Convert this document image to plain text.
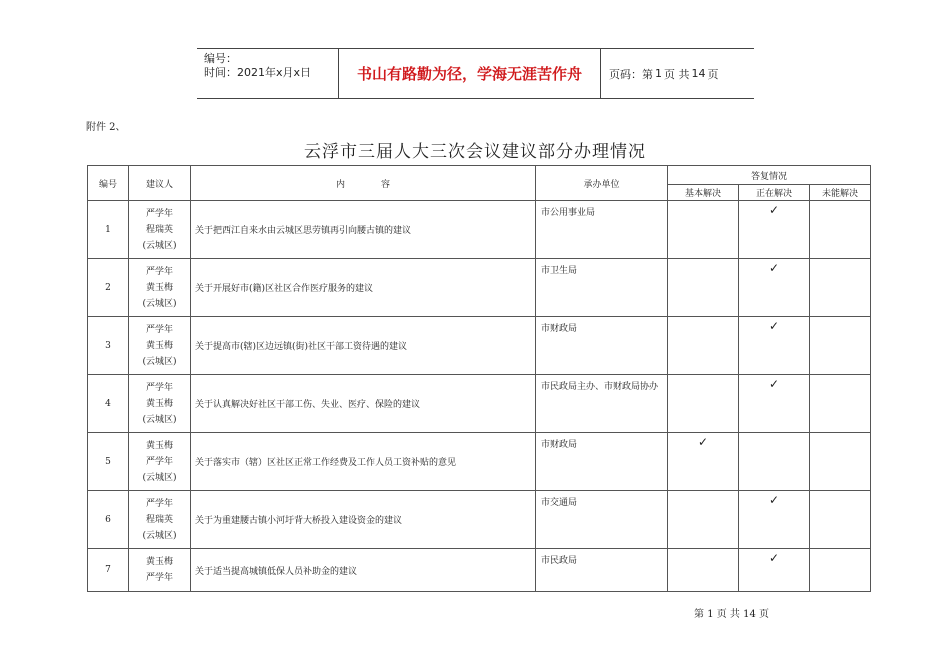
编号：
时间：2021年x月x日	书山有路勤为径，学海无涯苦作舟 页码：第 1 页 共 14 页
附件 2、
云浮市三届人大三次会议建议部分办理情况
编号	建议人	内　　　　容	承办单位	答复情况		
				基本解决	正在解决	未能解决
1	严学年
程瑞英
(云城区)	关于把西江自来水由云城区思劳镇再引向腰古镇的建议	市公用事业局		✓	
2	严学年
黄玉梅
(云城区)	关于开展好市(籍)区社区合作医疗服务的建议	市卫生局		✓	
3	严学年
黄玉梅
(云城区)	关于提高市(辖)区边远镇(街)社区干部工资待遇的建议	市财政局		✓	
4	严学年
黄玉梅
(云城区)	关于认真解决好社区干部工伤、失业、医疗、保险的建议	市民政局主办、市财政局协办		✓	
5	黄玉梅
严学年
(云城区)	关于落实市（辖）区社区正常工作经费及工作人员工资补贴的意见	市财政局	✓		
6	严学年
程瑞英
(云城区)	关于为重建腰古镇小河圩背大桥投入建设资金的建议	市交通局		✓	
7	黄玉梅
严学年	关于适当提高城镇低保人员补助金的建议	市民政局		✓	
第 1 页 共 14 页
